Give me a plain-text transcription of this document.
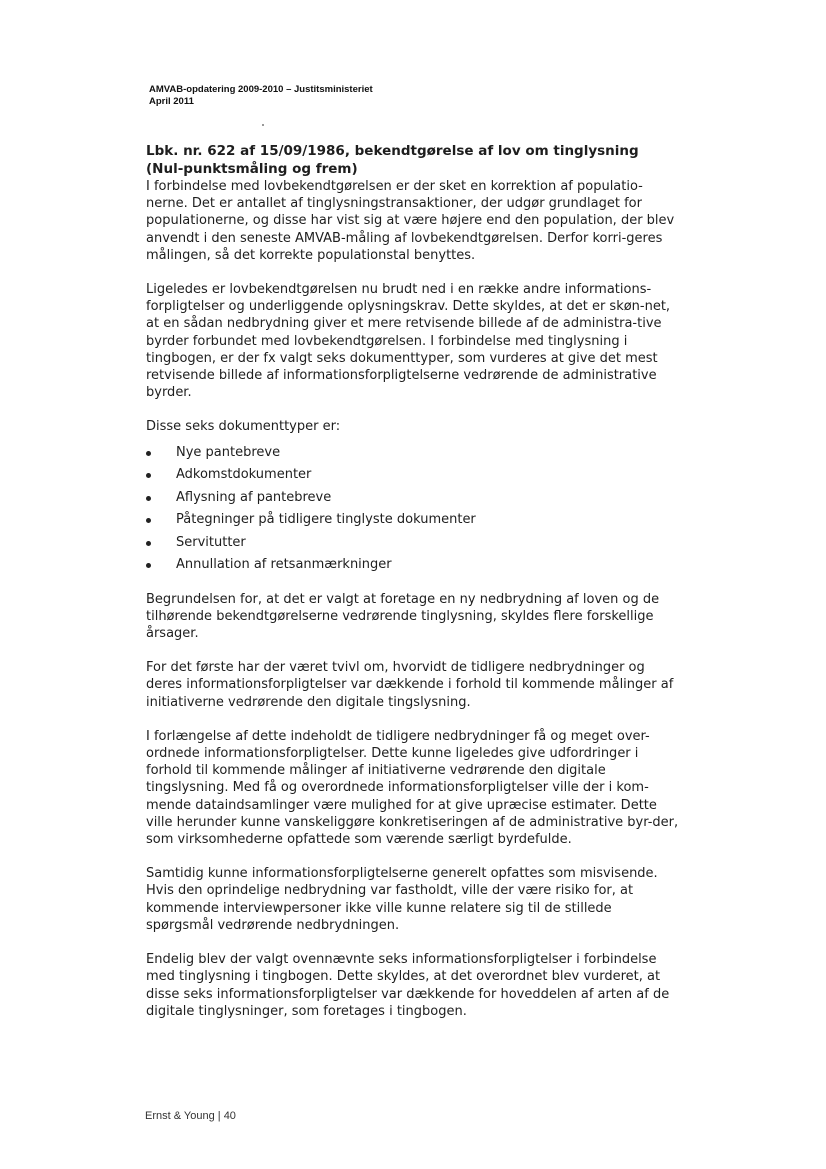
AMVAB-opdatering 2009-2010 – Justitsministeriet
April 2011

Lbk. nr. 622 af 15/09/1986, bekendtgørelse af lov om tinglysning (Nul-punktsmåling og frem)

I forbindelse med lovbekendtgørelsen er der sket en korrektion af populatio-nerne. Det er antallet af tinglysningstransaktioner, der udgør grundlaget for populationerne, og disse har vist sig at være højere end den population, der blev anvendt i den seneste AMVAB-måling af lovbekendtgørelsen. Derfor korri-geres målingen, så det korrekte populationstal benyttes.

Ligeledes er lovbekendtgørelsen nu brudt ned i en række andre informations-forpligtelser og underliggende oplysningskrav. Dette skyldes, at det er skøn-net, at en sådan nedbrydning giver et mere retvisende billede af de administra-tive byrder forbundet med lovbekendtgørelsen. I forbindelse med tinglysning i tingbogen, er der fx valgt seks dokumenttyper, som vurderes at give det mest retvisende billede af informationsforpligtelserne vedrørende de administrative byrder.

Disse seks dokumenttyper er:

Nye pantebreve
Adkomstdokumenter
Aflysning af pantebreve
Påtegninger på tidligere tinglyste dokumenter
Servitutter
Annullation af retsanmærkninger

Begrundelsen for, at det er valgt at foretage en ny nedbrydning af loven og de tilhørende bekendtgørelserne vedrørende tinglysning, skyldes flere forskellige årsager.

For det første har der været tvivl om, hvorvidt de tidligere nedbrydninger og deres informationsforpligtelser var dækkende i forhold til kommende målinger af initiativerne vedrørende den digitale tingslysning.

I forlængelse af dette indeholdt de tidligere nedbrydninger få og meget over-ordnede informationsforpligtelser. Dette kunne ligeledes give udfordringer i forhold til kommende målinger af initiativerne vedrørende den digitale tingslysning. Med få og overordnede informationsforpligtelser ville der i kom-mende dataindsamlinger være mulighed for at give upræcise estimater. Dette ville herunder kunne vanskeliggøre konkretiseringen af de administrative byr-der, som virksomhederne opfattede som værende særligt byrdefulde.

Samtidig kunne informationsforpligtelserne generelt opfattes som misvisende. Hvis den oprindelige nedbrydning var fastholdt, ville der være risiko for, at kommende interviewpersoner ikke ville kunne relatere sig til de stillede spørgsmål vedrørende nedbrydningen.

Endelig blev der valgt ovennævnte seks informationsforpligtelser i forbindelse med tinglysning i tingbogen. Dette skyldes, at det overordnet blev vurderet, at disse seks informationsforpligtelser var dækkende for hoveddelen af arten af de digitale tinglysninger, som foretages i tingbogen.

Ernst & Young | 40
